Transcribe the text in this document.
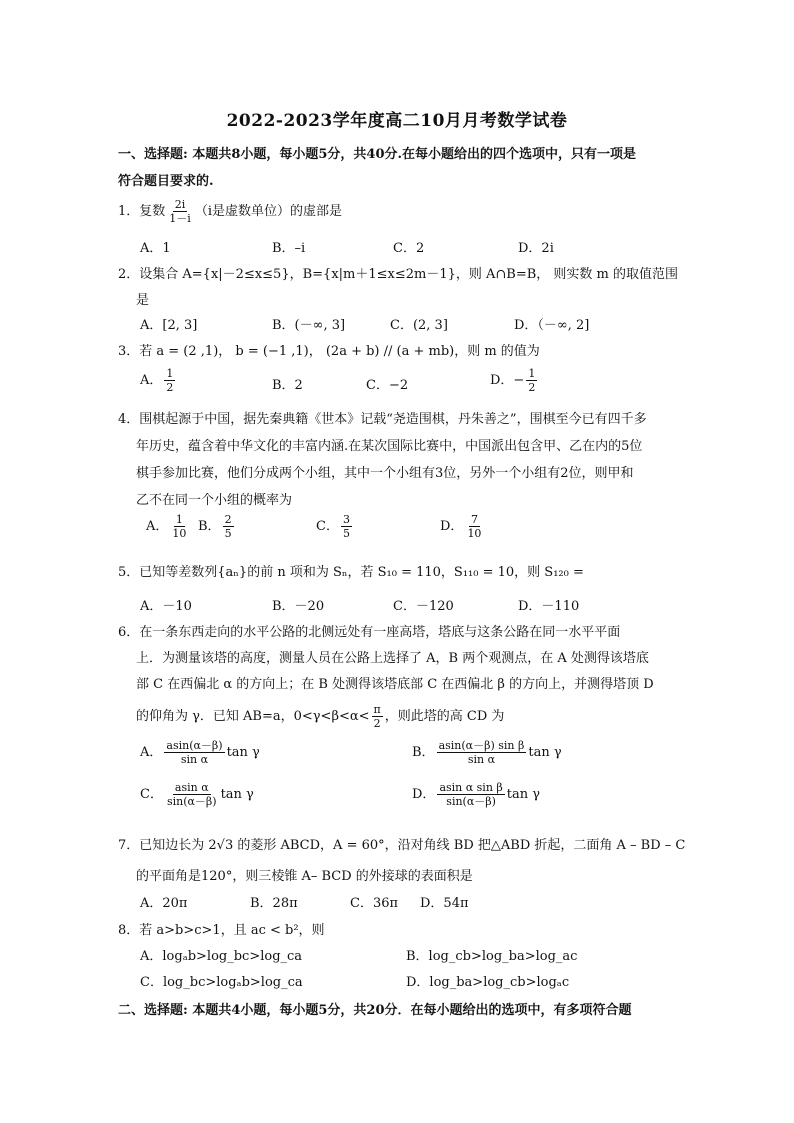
2022-2023学年度高二10月月考数学试卷
一、选择题: 本题共8小题，每小题5分，共40分.在每小题给出的四个选项中，只有一项是
符合题目要求的.
1．复数 $\frac{2i}{1-i} (i$是虚数单位）的虚部是
A．1	B．–i	C．2	D．2i
2．设集合 A={x|－2≤x≤5}，B={x|m＋1≤x≤2m－1}，则 A∩B=B， 则实数 m 的取值范围
是
A．[2, 3]	B．(－∞, 3]	C．(2, 3]	D．（－∞, 2]
3．若 a = (2 ,1)， b = (−1 ,1)， (2a + b) // (a + mb)，则 m 的值为
A． $\frac{1}{2}$	B．2	C．−2	D．− $\frac{1}{2}$
4．围棋起源于中国，据先秦典籍《世本》记载“尧造围棋，丹朱善之”，围棋至今已有四千多
年历史，蕴含着中华文化的丰富内涵.在某次国际比赛中，中国派出包含甲、乙在内的5位
棋手参加比赛，他们分成两个小组，其中一个小组有3位，另外一个小组有2位，则甲和
乙不在同一个小组的概率为
A． $\frac{1}{10}$ B． $\frac{2}{5}$	C． $\frac{3}{5}$	D． $\frac{7}{10}$
5．已知等差数列{aₙ}的前 n 项和为 Sₙ，若 S₁₀ = 110，S₁₁₀ = 10，则 S₁₂₀ =
A．－10	B．－20	C．－120	D．－110
6．在一条东西走向的水平公路的北侧远处有一座高塔，塔底与这条公路在同一水平平面
上．为测量该塔的高度，测量人员在公路上选择了 A，B 两个观测点，在 A 处测得该塔底
部 C 在西偏北 α 的方向上；在 B 处测得该塔底部 C 在西偏北 β 的方向上，并测得塔顶 D
的仰角为 γ．已知 AB=a，$0<\gamma<\beta<\alpha< \frac{\pi}{2}$ ，则此塔的高 CD 为
A． $\frac{asin(\alpha-\beta)}{\text{sin α}}$ tan γ	B． $\frac{\text{asin(α－β) sin β}}{\text{sin α}}$ tan γ
C． $\frac{\text{asin α}}{\sin(\alpha-\beta)}$ tan γ	D． $\frac{\text{asin α sin β}}{\sin(\alpha-\beta)}$ tan γ
7．已知边长为 2√3 的菱形 ABCD，A = 60°，沿对角线 BD 把△ABD 折起，二面角 A – BD – C
的平面角是120°，则三棱锥 A– BCD 的外接球的表面积是
A．20π	B．28π	C．36π D．54π
8．若 a>b>c>1，且 ac < b²，则
A．logₐb>log_bc>log_ca	B．log_cb>log_ba>log_ac
C．log_bc>logₐb>log_ca	D．log_ba>log_cb>logₐc
二、选择题: 本题共4小题，每小题5分，共20分．在每小题给出的选项中，有多项符合题
